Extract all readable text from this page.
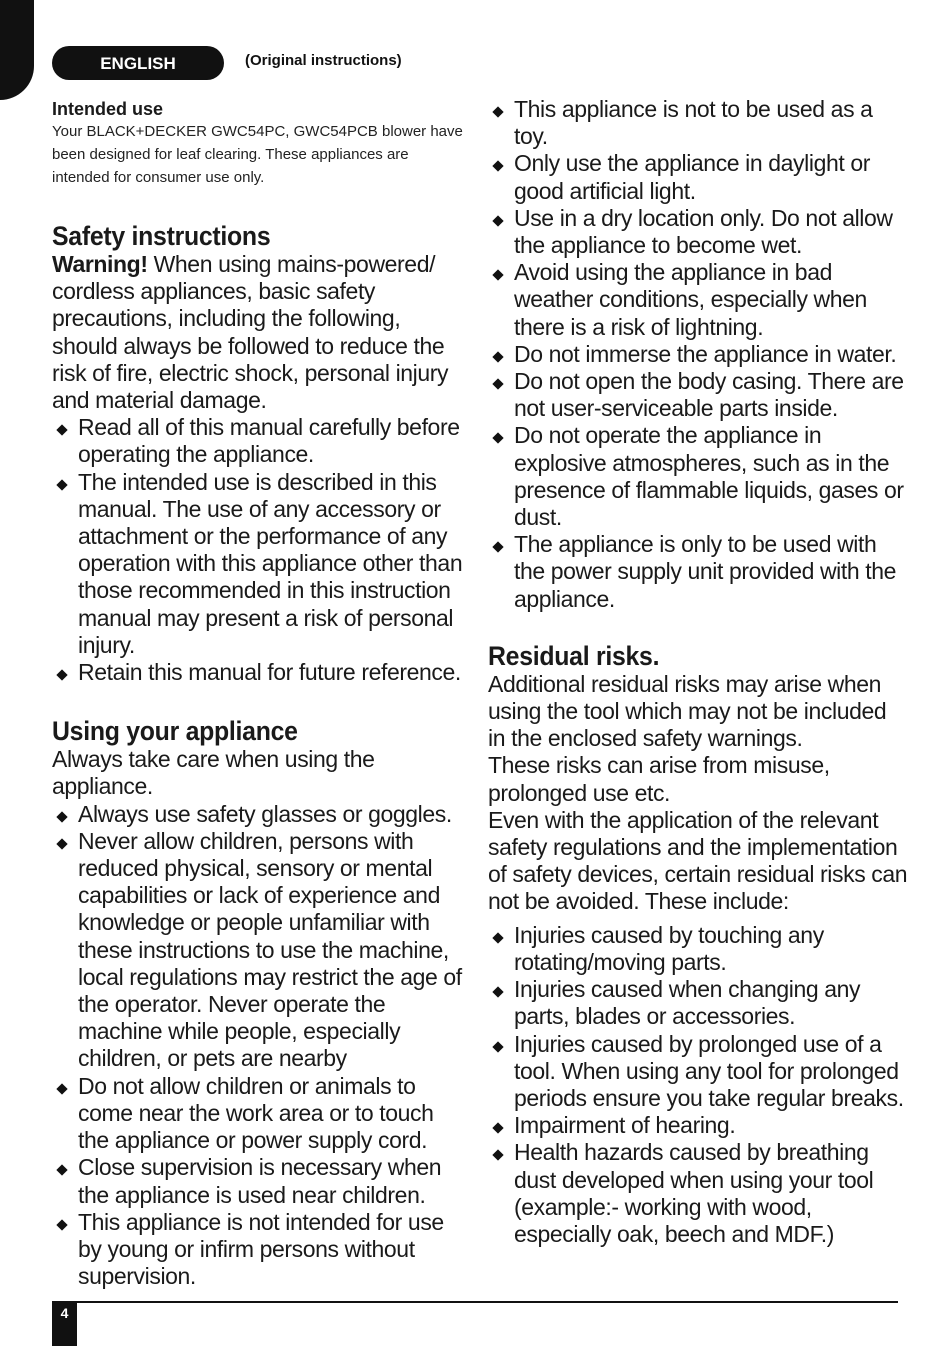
ENGLISH	(Original instructions)
Intended use

Your BLACK+DECKER GWC54PC, GWC54PCB blower have been designed for leaf clearing. These appliances are intended for consumer use only.

Safety instructions

Warning! When using mains-powered/ cordless appliances, basic safety precautions, including the following, should always be followed to reduce the risk of fire, electric shock, personal injury and material damage.

Read all of this manual carefully before operating the appliance.
The intended use is described in this manual. The use of any accessory or attachment or the performance of any operation with this appliance other than those recommended in this instruction manual may present a risk of personal injury.
Retain this manual for future reference.
Using your appliance

Always take care when using the appliance.

Always use safety glasses or goggles.
Never allow children, persons with reduced physical, sensory or mental capabilities or lack of experience and knowledge or people unfamiliar with these instructions to use the machine, local regulations may restrict the age of the operator. Never operate the machine while people, especially children, or pets are nearby
Do not allow children or animals to come near the work area or to touch the appliance or power supply cord.
Close supervision is necessary when the appliance is used near children.
This appliance is not intended for use by young or infirm persons without supervision.
This appliance is not to be used as a toy.
Only use the appliance in daylight or good artificial light.
Use in a dry location only. Do not allow the appliance to become wet.
Avoid using the appliance in bad weather conditions, especially when there is a risk of lightning.
Do not immerse the appliance in water.
Do not open the body casing. There are not user-serviceable parts inside.
Do not operate the appliance in explosive atmospheres, such as in the presence of flammable liquids, gases or dust.
The appliance is only to be used with the power supply unit provided with the appliance.
Residual risks.

Additional residual risks may arise when using the tool which may not be included in the enclosed safety warnings.

These risks can arise from misuse, prolonged use etc.

Even with the application of the relevant safety regulations and the implementation of safety devices, certain residual risks can not be avoided. These include:

Injuries caused by touching any rotating/moving parts.
Injuries caused when changing any parts, blades or accessories.
Injuries caused by prolonged use of a tool. When using any tool for prolonged periods ensure you take regular breaks.
Impairment of hearing.
Health hazards caused by breathing dust developed when using your tool (example:- working with wood, especially oak, beech and MDF.)
4
